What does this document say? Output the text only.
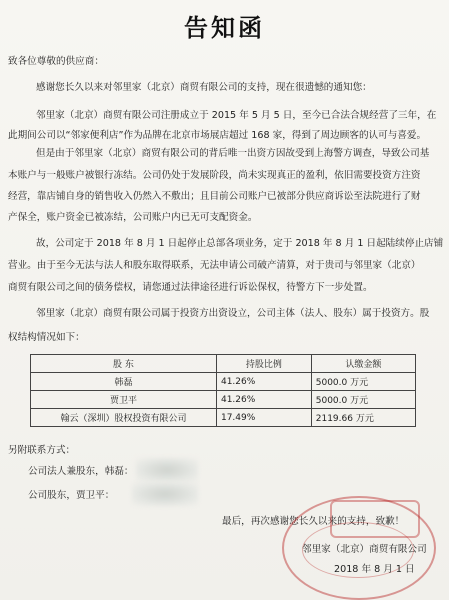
告知函
致各位尊敬的供应商：
感谢您长久以来对邻里家（北京）商贸有限公司的支持，现在很遗憾的通知您：
邻里家（北京）商贸有限公司注册成立于 2015 年 5 月 5 日，至今已合法合规经营了三年，在
此期间公司以“邻家便利店”作为品牌在北京市场展店超过 168 家，得到了周边顾客的认可与喜爱。
但是由于邻里家（北京）商贸有限公司的背后唯一出资方因故受到上海警方调查，导致公司基
本账户与一般账户被银行冻结。公司仍处于发展阶段，尚未实现真正的盈利，依旧需要投资方注资
经营，靠店铺自身的销售收入仍然入不敷出；且目前公司账户已被部分供应商诉讼至法院进行了财
产保全，账户资金已被冻结，公司账户内已无可支配资金。
故，公司定于 2018 年 8 月 1 日起停止总部各项业务，定于 2018 年 8 月 1 日起陆续停止店铺
营业。由于至今无法与法人和股东取得联系，无法申请公司破产清算，对于贵司与邻里家（北京）
商贸有限公司之间的债务偿权，请您通过法律途径进行诉讼保权，待警方下一步处置。
邻里家（北京）商贸有限公司属于投资方出资设立，公司主体（法人、股东）属于投资方。股
权结构情况如下：
股 东	持股比例	认缴金额
韩磊	41.26%	5000.0 万元
贾卫平	41.26%	5000.0 万元
翰云（深圳）股权投资有限公司	17.49%	2119.66 万元
另附联系方式：
公司法人兼股东，韩磊：
公司股东，贾卫平：
最后，再次感谢您长久以来的支持，致歉！
邻里家（北京）商贸有限公司
2018 年 8 月 1 日
